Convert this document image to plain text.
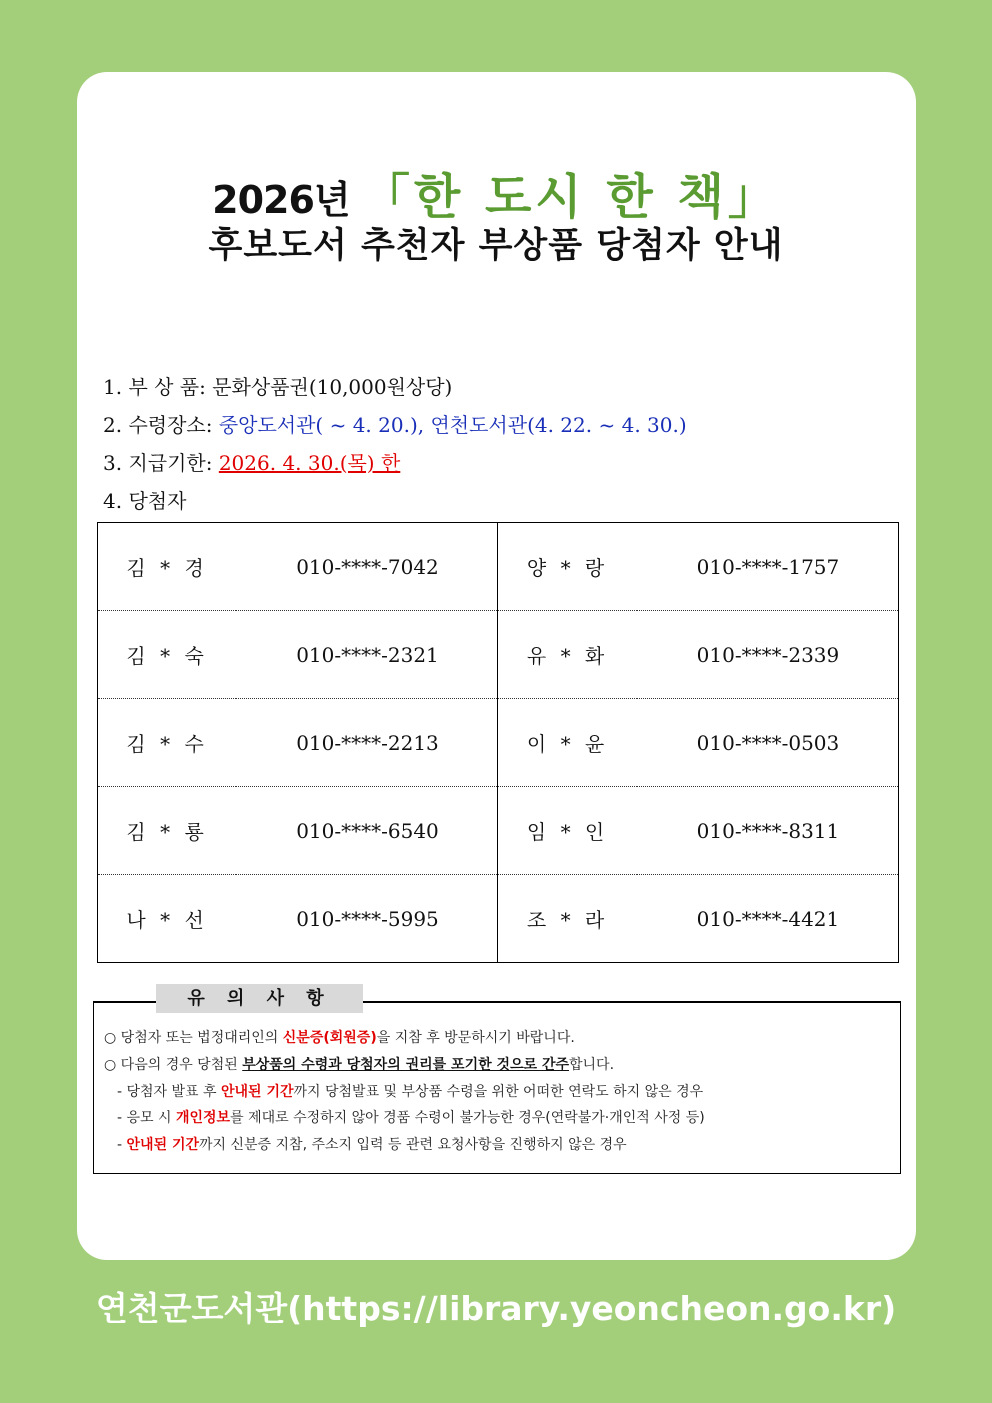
2026년 「한 도시 한 책」
후보도서 추천자 부상품 당첨자 안내
1. 부 상 품: 문화상품권(10,000원상당)
2. 수령장소: 중앙도서관( ~ 4. 20.), 연천도서관(4. 22. ~ 4. 30.)
3. 지급기한: 2026. 4. 30.(목) 한
4. 당첨자
김 * 경	010-****-7042	양 * 랑	010-****-1757
김 * 숙	010-****-2321	유 * 화	010-****-2339
김 * 수	010-****-2213	이 * 윤	010-****-0503
김 * 룡	010-****-6540	임 * 인	010-****-8311
나 * 선	010-****-5995	조 * 라	010-****-4421
유 의 사 항
○ 당첨자 또는 법정대리인의 신분증(회원증)을 지참 후 방문하시기 바랍니다.
○ 다음의 경우 당첨된 부상품의 수령과 당첨자의 권리를 포기한 것으로 간주합니다.
- 당첨자 발표 후 안내된 기간까지 당첨발표 및 부상품 수령을 위한 어떠한 연락도 하지 않은 경우
- 응모 시 개인정보를 제대로 수정하지 않아 경품 수령이 불가능한 경우(연락불가·개인적 사정 등)
- 안내된 기간까지 신분증 지참, 주소지 입력 등 관련 요청사항을 진행하지 않은 경우
연천군도서관(https://library.yeoncheon.go.kr)
